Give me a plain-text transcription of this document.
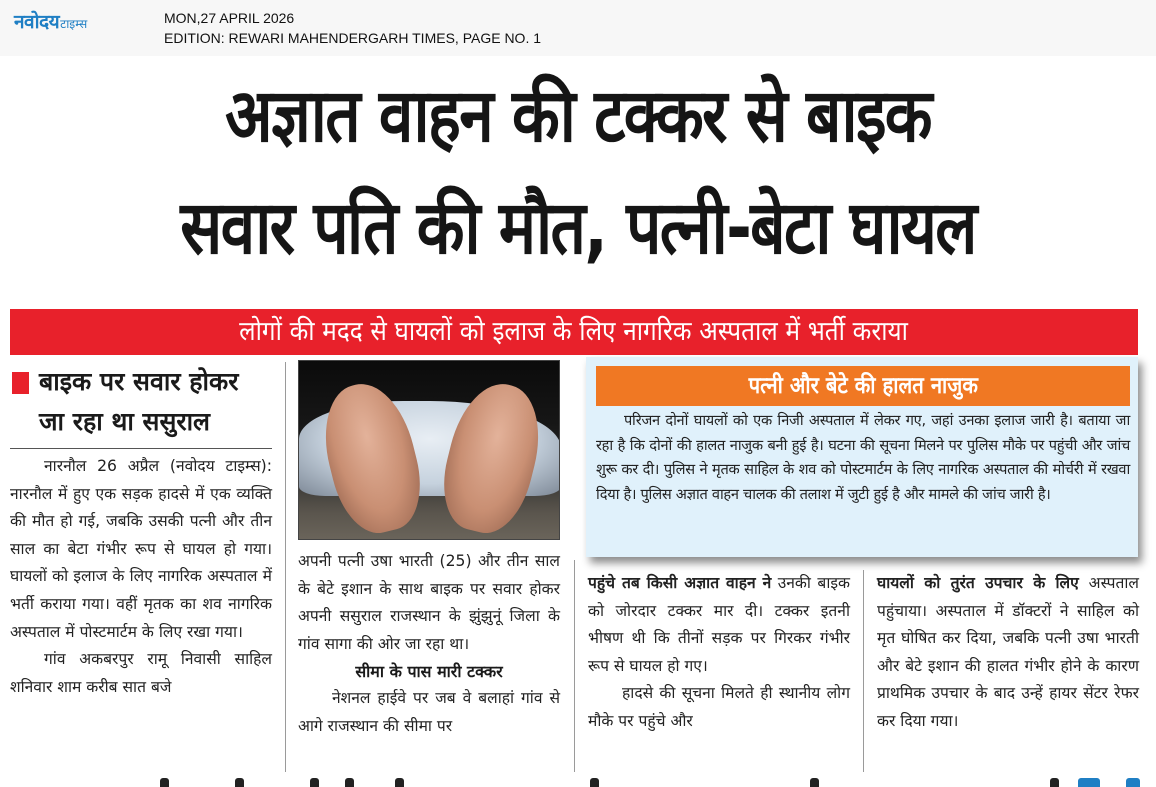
नवोदय टाइम्स	MON,27 APRIL 2026
EDITION: REWARI MAHENDERGARH TIMES, PAGE NO. 1
अज्ञात वाहन की टक्कर से बाइक
सवार पति की मौत, पत्नी-बेटा घायल
लोगों की मदद से घायलों को इलाज के लिए नागरिक अस्पताल में भर्ती कराया
बाइक पर सवार होकर जा रहा था ससुराल

नारनौल 26 अप्रैल (नवोदय टाइम्स): नारनौल में हुए एक सड़क हादसे में एक व्यक्ति की मौत हो गई, जबकि उसकी पत्नी और तीन साल का बेटा गंभीर रूप से घायल हो गया। घायलों को इलाज के लिए नागरिक अस्पताल में भर्ती कराया गया। वहीं मृतक का शव नागरिक अस्पताल में पोस्टमार्टम के लिए रखा गया।

गांव अकबरपुर रामू निवासी साहिल शनिवार शाम करीब सात बजे

अपनी पत्नी उषा भारती (25) और तीन साल के बेटे इशान के साथ बाइक पर सवार होकर अपनी ससुराल राजस्थान के झुंझुनूं जिला के गांव सागा की ओर जा रहा था।

सीमा के पास मारी टक्कर

नेशनल हाईवे पर जब वे बलाहां गांव से आगे राजस्थान की सीमा पर

पत्नी और बेटे की हालत नाजुक

परिजन दोनों घायलों को एक निजी अस्पताल में लेकर गए, जहां उनका इलाज जारी है। बताया जा रहा है कि दोनों की हालत नाजुक बनी हुई है। घटना की सूचना मिलने पर पुलिस मौके पर पहुंची और जांच शुरू कर दी। पुलिस ने मृतक साहिल के शव को पोस्टमार्टम के लिए नागरिक अस्पताल की मोर्चरी में रखवा दिया है। पुलिस अज्ञात वाहन चालक की तलाश में जुटी हुई है और मामले की जांच जारी है।

पहुंचे तब किसी अज्ञात वाहन ने उनकी बाइक को जोरदार टक्कर मार दी। टक्कर इतनी भीषण थी कि तीनों सड़क पर गिरकर गंभीर रूप से घायल हो गए।

हादसे की सूचना मिलते ही स्थानीय लोग मौके पर पहुंचे और

घायलों को तुरंत उपचार के लिए अस्पताल पहुंचाया। अस्पताल में डॉक्टरों ने साहिल को मृत घोषित कर दिया, जबकि पत्नी उषा भारती और बेटे इशान की हालत गंभीर होने के कारण प्राथमिक उपचार के बाद उन्हें हायर सेंटर रेफर कर दिया गया।
